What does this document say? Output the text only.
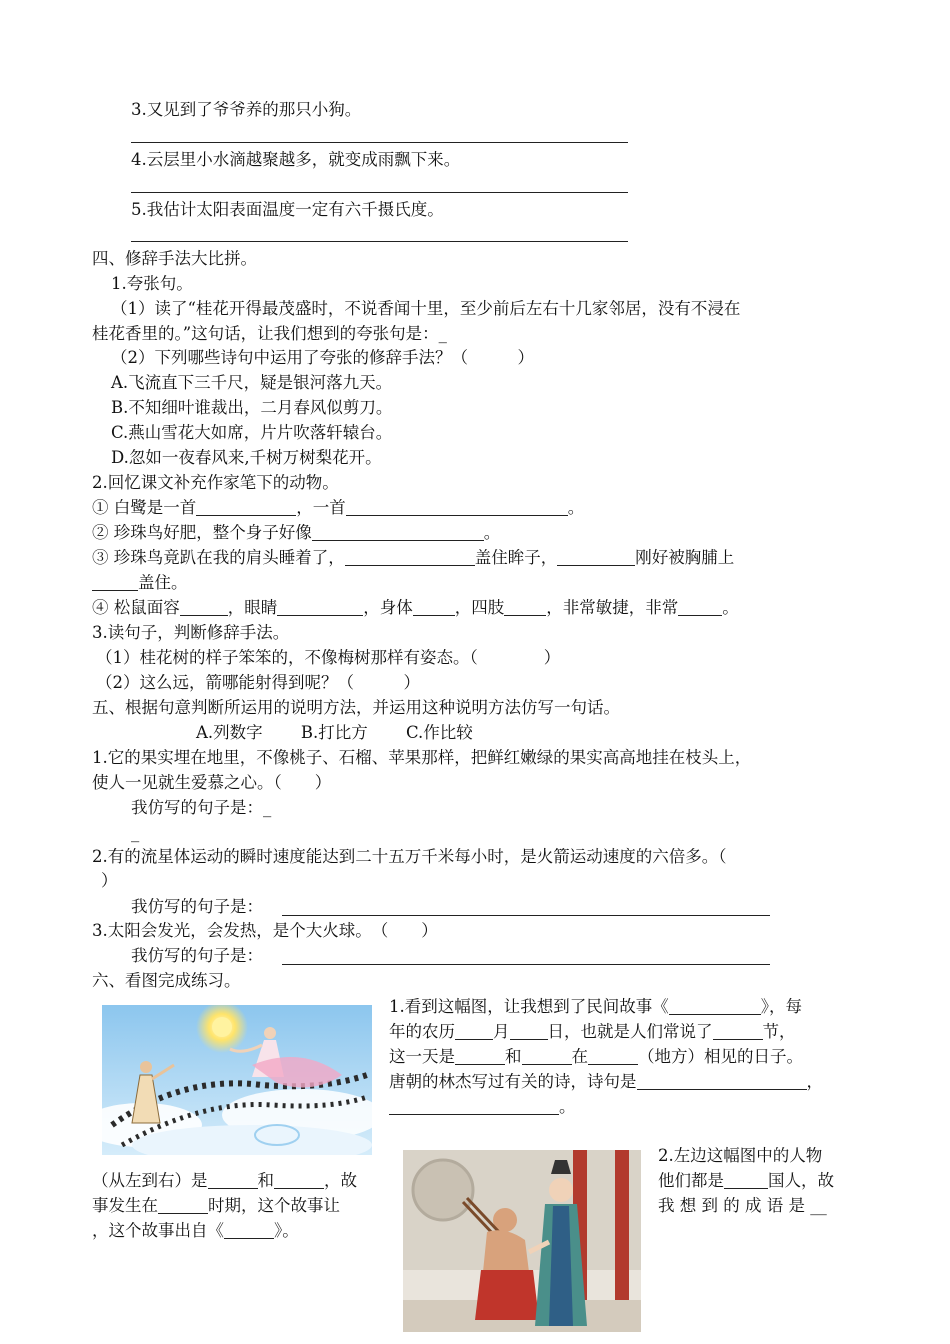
3.又见到了爷爷养的那只小狗。
4.云层里小水滴越聚越多，就变成雨飘下来。
5.我估计太阳表面温度一定有六千摄氏度。
四、修辞手法大比拼。
1.夸张句。
（1）读了“桂花开得最茂盛时，不说香闻十里，至少前后左右十几家邻居，没有不浸在
桂花香里的。”这句话，让我们想到的夸张句是：_
（2）下列哪些诗句中运用了夸张的修辞手法？（　　　）
A.飞流直下三千尺，疑是银河落九天。
B.不知细叶谁裁出，二月春风似剪刀。
C.燕山雪花大如席，片片吹落轩辕台。
D.忽如一夜春风来,千树万树梨花开。
2.回忆课文补充作家笔下的动物。
① 白鹭是一首	，一首	。
② 珍珠鸟好肥，整个身子好像	。
③ 珍珠鸟竟趴在我的肩头睡着了，	盖住眸子，	刚好被胸脯上
盖住。
④ 松鼠面容	，眼睛	，身体	，四肢	，非常敏捷，非常	。
3.读句子，判断修辞手法。
（1）桂花树的样子笨笨的，不像梅树那样有姿态。（　　　　）
（2）这么远，箭哪能射得到呢？（　　　）
五、根据句意判断所运用的说明方法，并运用这种说明方法仿写一句话。
A.列数字　　 B.打比方　　 C.作比较
1.它的果实埋在地里，不像桃子、石榴、苹果那样，把鲜红嫩绿的果实高高地挂在枝头上，
使人一见就生爱慕之心。（　　）
我仿写的句子是：_
_
2.有的流星体运动的瞬时速度能达到二十五万千米每小时，是火箭运动速度的六倍多。（
）
我仿写的句子是：
3.太阳会发光，会发热，是个大火球。　（　　）
我仿写的句子是：
六、看图完成练习。
1.看到这幅图，让我想到了民间故事《	》，每
年的农历 月 日，也就是人们常说了	节，
这一天是	和	在	（地方）相见的日子。
唐朝的林杰写过有关的诗，诗句是	，
。
2.左边这幅图中的人物
他们都是	国人，故
我 想 到 的 成 语 是 __
（从左到右）是	和	，故
事发生在	时期，这个故事让
，这个故事出自《	》。
